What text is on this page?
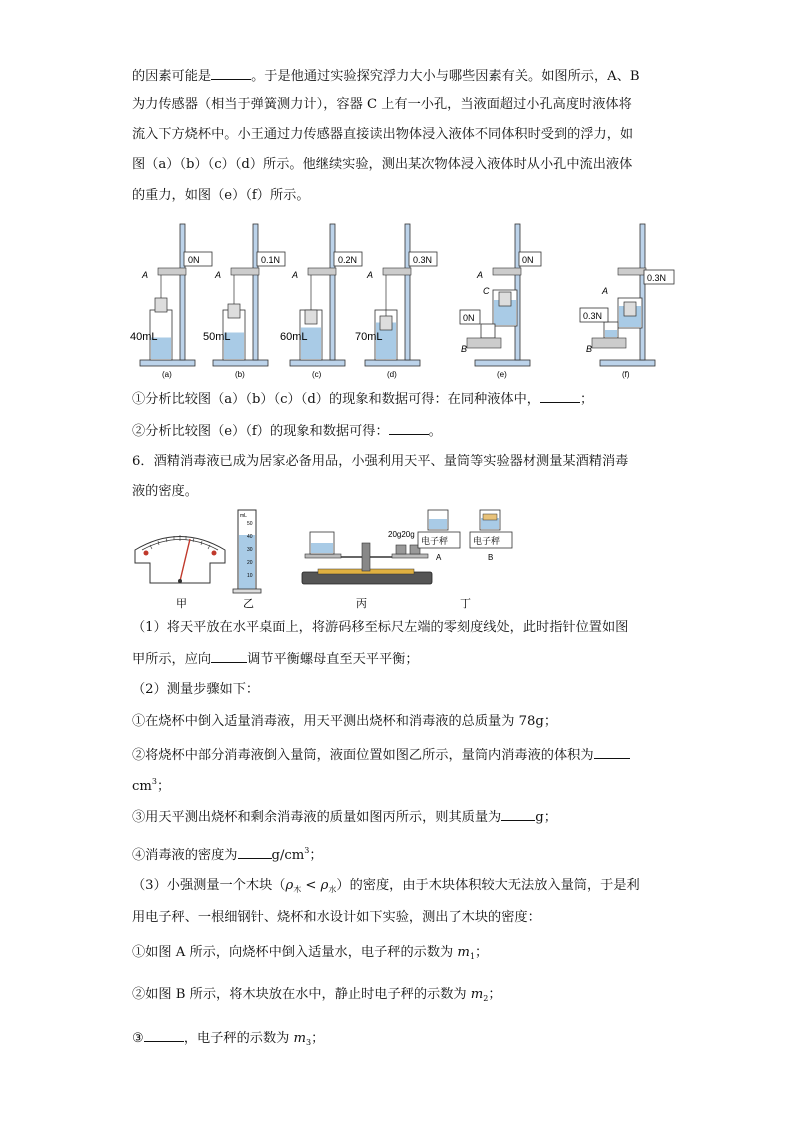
的因素可能是	。于是他通过实验探究浮力大小与哪些因素有关。如图所示，A、B
为力传感器（相当于弹簧测力计），容器 C 上有一小孔，当液面超过小孔高度时液体将
流入下方烧杯中。小王通过力传感器直接读出物体浸入液体不同体积时受到的浮力，如
图（a）（b）（c）（d）所示。他继续实验，测出某次物体浸入液体时从小孔中流出液体
的重力，如图（e）（f）所示。
0N
A
40mL
(a)
0.1N
A
50mL
(b)
0.2N
A
60mL
(c)
0.3N
A
70mL
(d)
0N
0N
A
C
B
(e)
0.3N
0.3N
A
B
(f)
①分析比较图（a）（b）（c）（d）的现象和数据可得：在同种液体中，	；
②分析比较图（e）（f）的现象和数据可得：	。
6．酒精消毒液已成为居家必备用品，小强利用天平、量筒等实验器材测量某酒精消毒
液的密度。
甲
mL
50
40
30
20
10
乙
20g20g
丙
电子秤	电子秤
A	B
丁
（1）将天平放在水平桌面上，将游码移至标尺左端的零刻度线处，此时指针位置如图
甲所示，应向	调节平衡螺母直至天平平衡；
（2）测量步骤如下：
①在烧杯中倒入适量消毒液，用天平测出烧杯和消毒液的总质量为 78g；
②将烧杯中部分消毒液倒入量筒，液面位置如图乙所示，量筒内消毒液的体积为
$cm^3$；
③用天平测出烧杯和剩余消毒液的质量如图丙所示，则其质量为	g；
④消毒液的密度为	$g/cm^3$；
（3）小强测量一个木块$(\rho_木 < \rho_水)$的密度，由于木块体积较大无法放入量筒，于是利
用电子秤、一根细钢针、烧杯和水设计如下实验，测出了木块的密度：
①如图 A 所示，向烧杯中倒入适量水，电子秤的示数为 $m_1$；
②如图 B 所示，将木块放在水中，静止时电子秤的示数为 $m_2$；
③	，电子秤的示数为 $m_3$；
